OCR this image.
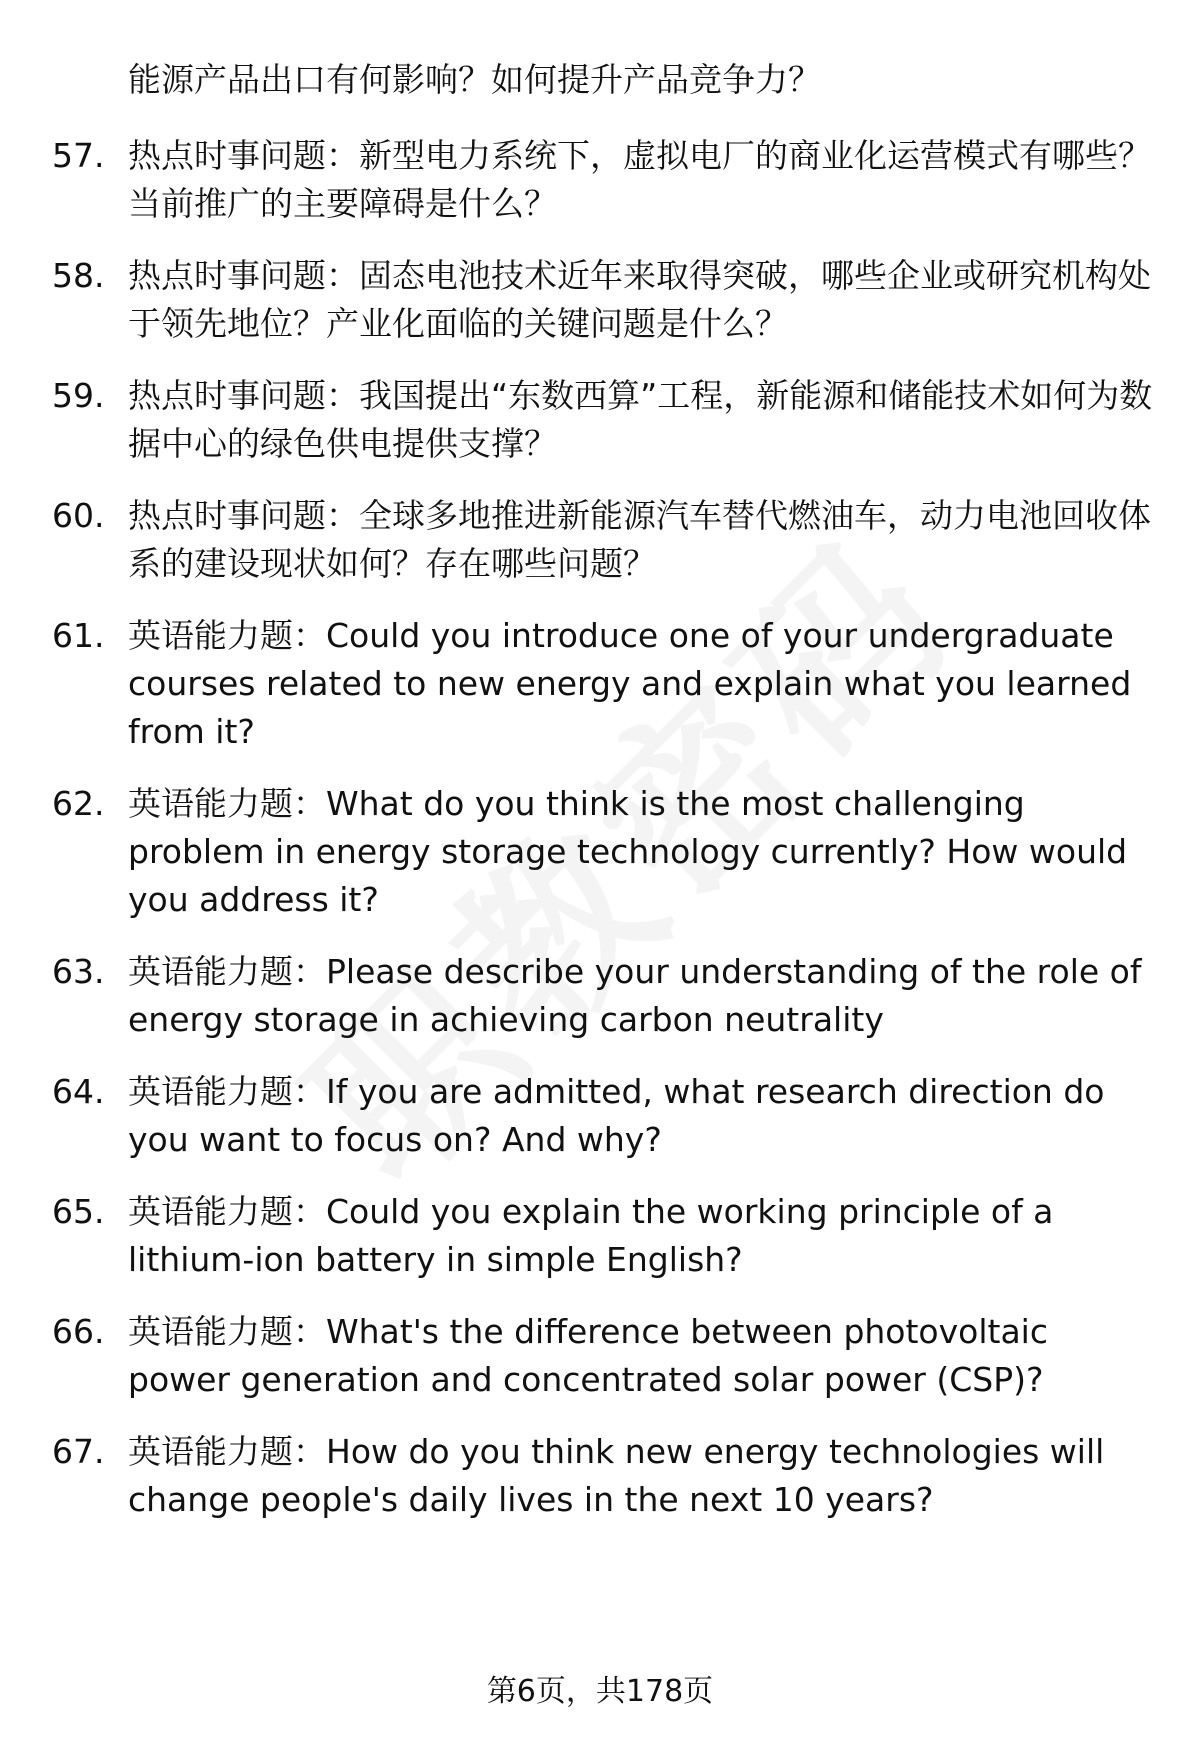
能源产品出口有何影响？如何提升产品竞争力？
57. 热点时事问题：新型电力系统下，虚拟电厂的商业化运营模式有哪些？当前推广的主要障碍是什么？
58. 热点时事问题：固态电池技术近年来取得突破，哪些企业或研究机构处于领先地位？产业化面临的关键问题是什么？
59. 热点时事问题：我国提出“东数西算”工程，新能源和储能技术如何为数据中心的绿色供电提供支撑？
60. 热点时事问题：全球多地推进新能源汽车替代燃油车，动力电池回收体系的建设现状如何？存在哪些问题？
61. 英语能力题：Could you introduce one of your undergraduate courses related to new energy and explain what you learned from it?
62. 英语能力题：What do you think is the most challenging problem in energy storage technology currently? How would you address it?
63. 英语能力题：Please describe your understanding of the role of energy storage in achieving carbon neutrality
64. 英语能力题：If you are admitted, what research direction do you want to focus on? And why?
65. 英语能力题：Could you explain the working principle of a lithium-ion battery in simple English?
66. 英语能力题：What's the difference between photovoltaic power generation and concentrated solar power (CSP)?
67. 英语能力题：How do you think new energy technologies will change people's daily lives in the next 10 years?
第6页，共178页
